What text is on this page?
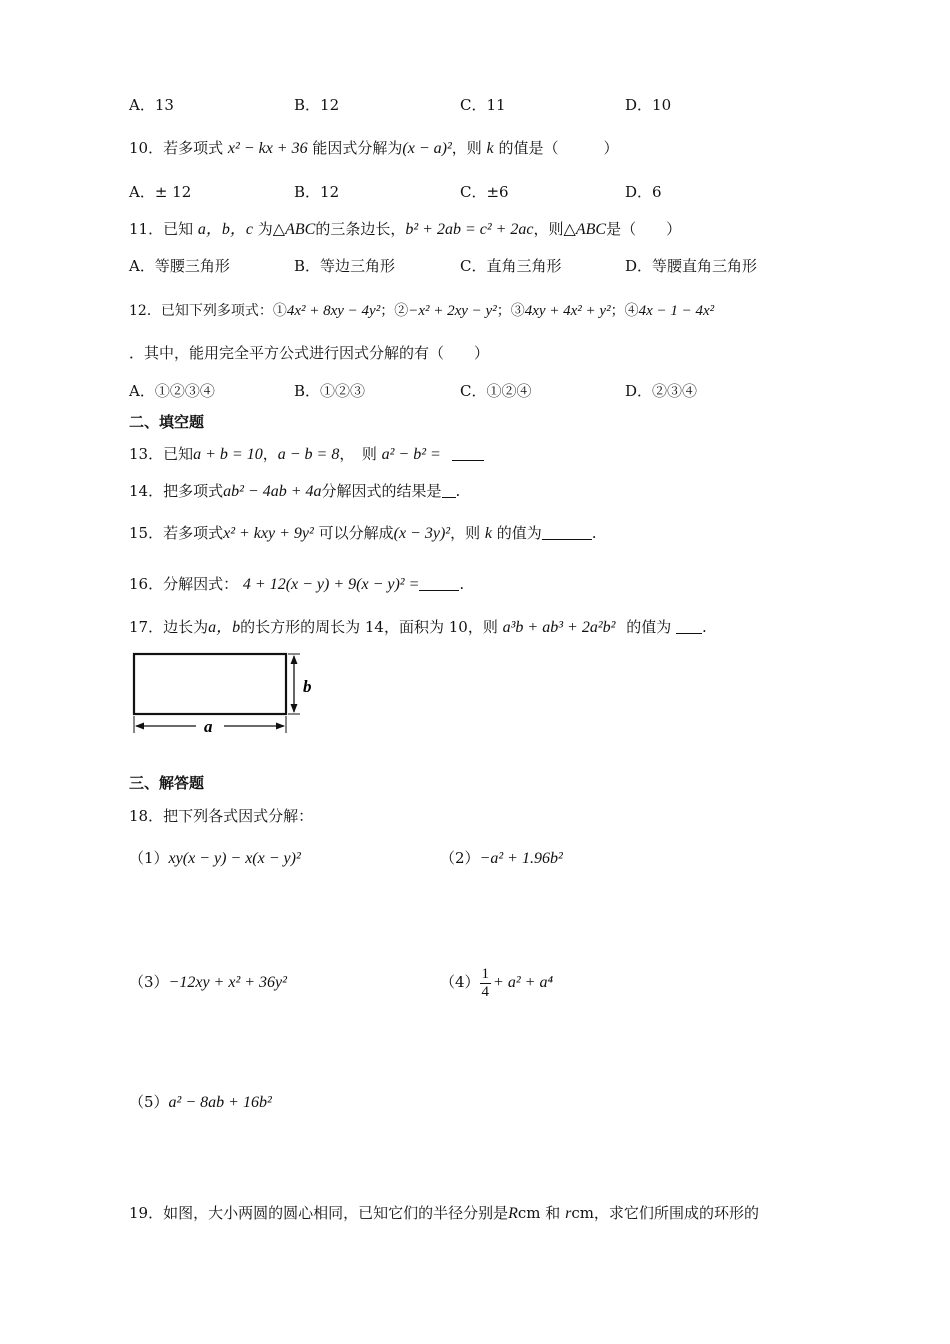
A．13	B．12	C．11	D．10
10．若多项式 x² − kx + 36 能因式分解为(x − a)²，则 k 的值是（　　　）
A．± 12	B．12	C．±6	D．6
11．已知 a，b，c 为△ABC的三条边长，b² + 2ab = c² + 2ac，则△ABC是（　　）
A．等腰三角形	B．等边三角形	C．直角三角形	D．等腰直角三角形
12．已知下列多项式：①4x² + 8xy − 4y²；②−x² + 2xy − y²；③4xy + 4x² + y²；④4x − 1 − 4x²
．其中，能用完全平方公式进行因式分解的有（　　）
A．①②③④	B．①②③	C．①②④	D．②③④
二、填空题
13．已知a + b = 10，a − b = 8，　则 a² − b² =
14．把多项式ab² − 4ab + 4a分解因式的结果是 .
15．若多项式x² + kxy + 9y² 可以分解成(x − 3y)²，则 k 的值为	.
16．分解因式： 4 + 12(x − y) + 9(x − y)² =	.
17．边长为a，b的长方形的周长为 14，面积为 10，则 a³b + ab³ + 2a²b² 的值为 .
a
b
三、解答题
18．把下列各式因式分解：
（1）xy(x − y) − x(x − y)²	（2）−a² + 1.96b²
（3）−12xy + x² + 36y²	$(4) \frac{1}{4} + a^2 + a^4$
（5）a² − 8ab + 16b²
19．如图，大小两圆的圆心相同，已知它们的半径分别是Rcm 和 rcm，求它们所围成的环形的
